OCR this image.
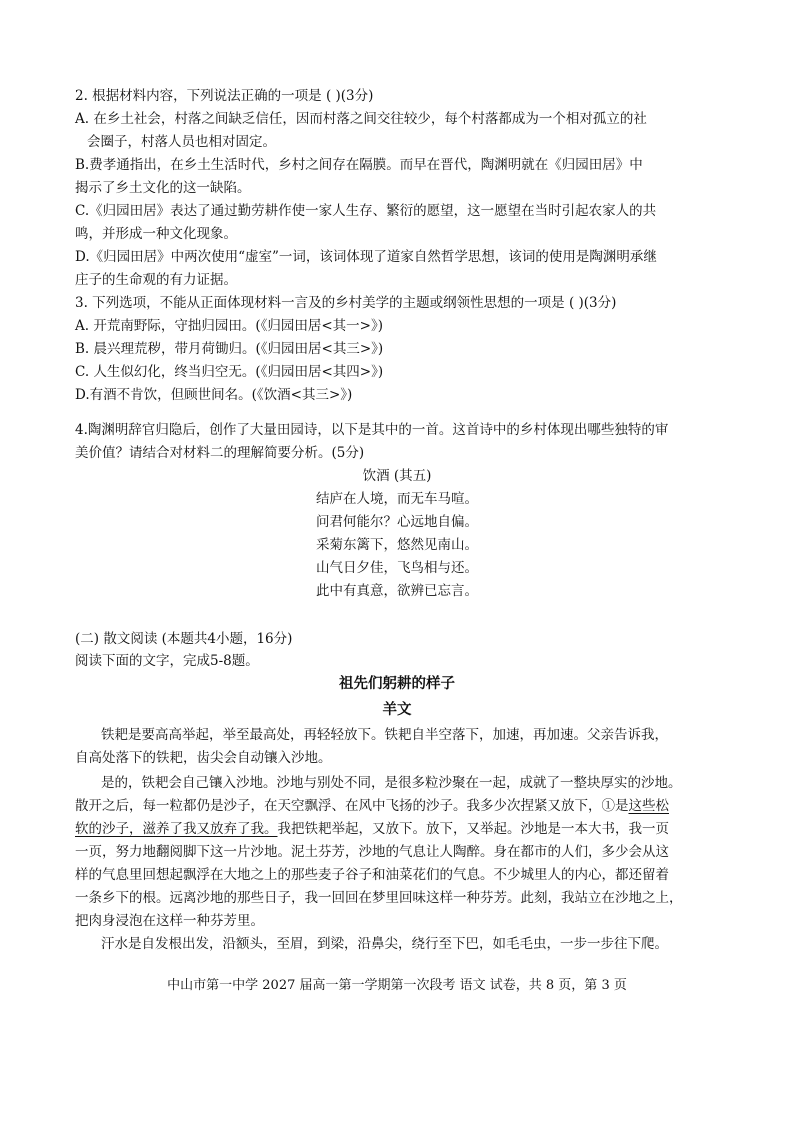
2. 根据材料内容，下列说法正确的一项是 ( )(3分)
A. 在乡土社会，村落之间缺乏信任，因而村落之间交往较少，每个村落都成为一个相对孤立的社
会圈子，村落人员也相对固定。
B.费孝通指出，在乡土生活时代，乡村之间存在隔膜。而早在晋代，陶渊明就在《归园田居》中
揭示了乡土文化的这一缺陷。
C.《归园田居》表达了通过勤劳耕作使一家人生存、繁衍的愿望，这一愿望在当时引起农家人的共
鸣，并形成一种文化现象。
D.《归园田居》中两次使用“虚室”一词，该词体现了道家自然哲学思想，该词的使用是陶渊明承继
庄子的生命观的有力证据。
3. 下列选项，不能从正面体现材料一言及的乡村美学的主题或纲领性思想的一项是 ( )(3分)
A. 开荒南野际，守拙归园田。(《归园田居<其一>》)
B. 晨兴理荒秽，带月荷锄归。(《归园田居<其三>》)
C. 人生似幻化，终当归空无。(《归园田居<其四>》)
D.有酒不肯饮，但顾世间名。(《饮酒<其三>》)
4.陶渊明辞官归隐后，创作了大量田园诗，以下是其中的一首。这首诗中的乡村体现出哪些独特的审
美价值？请结合对材料二的理解简要分析。(5分)
饮酒 (其五)
结庐在人境，而无车马喧。
问君何能尔？心远地自偏。
采菊东篱下，悠然见南山。
山气日夕佳，飞鸟相与还。
此中有真意，欲辨已忘言。
(二) 散文阅读 (本题共4小题，16分)
阅读下面的文字，完成5-8题。
祖先们躬耕的样子
羊文
铁耙是要高高举起，举至最高处，再轻轻放下。铁耙自半空落下，加速，再加速。父亲告诉我，
自高处落下的铁耙，齿尖会自动镶入沙地。
是的，铁耙会自己镶入沙地。沙地与别处不同，是很多粒沙聚在一起，成就了一整块厚实的沙地。
散开之后，每一粒都仍是沙子，在天空飘浮、在风中飞扬的沙子。我多少次捏紧又放下，①是这些松
软的沙子，滋养了我又放弃了我。我把铁耙举起，又放下。放下，又举起。沙地是一本大书，我一页
一页，努力地翻阅脚下这一片沙地。泥土芬芳，沙地的气息让人陶醉。身在都市的人们，多少会从这
样的气息里回想起飘浮在大地之上的那些麦子谷子和油菜花们的气息。不少城里人的内心，都还留着
一条乡下的根。远离沙地的那些日子，我一回回在梦里回味这样一种芬芳。此刻，我站立在沙地之上，
把肉身浸泡在这样一种芬芳里。
汗水是自发根出发，沿额头，至眉，到梁，沿鼻尖，绕行至下巴，如毛毛虫，一步一步往下爬。
中山市第一中学 2027 届高一第一学期第一次段考 语文 试卷，共 8 页，第 3 页
